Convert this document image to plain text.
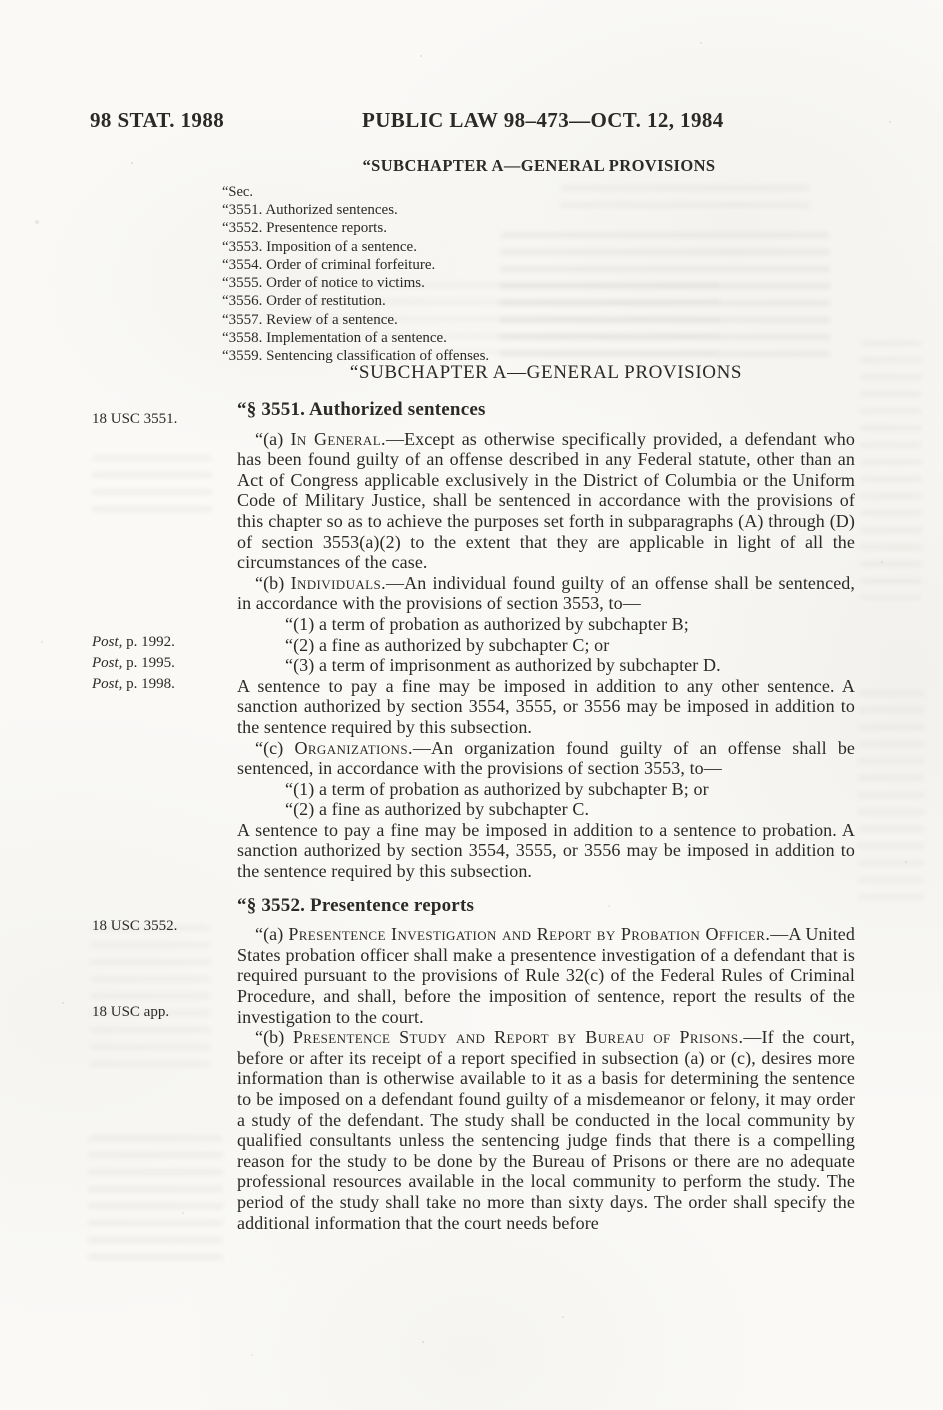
98 STAT. 1988	PUBLIC LAW 98–473—OCT. 12, 1984
“SUBCHAPTER A—GENERAL PROVISIONS
“Sec.
“3551. Authorized sentences.
“3552. Presentence reports.
“3553. Imposition of a sentence.
“3554. Order of criminal forfeiture.
“3555. Order of notice to victims.
“3556. Order of restitution.
“3557. Review of a sentence.
“3558. Implementation of a sentence.
“3559. Sentencing classification of offenses.
“SUBCHAPTER A—GENERAL PROVISIONS
18 USC 3551.
Post, p. 1992.
Post, p. 1995.
Post, p. 1998.
18 USC 3552.
18 USC app.
“§ 3551. Authorized sentences

“(a) In General.—Except as otherwise specifically provided, a defendant who has been found guilty of an offense described in any Federal statute, other than an Act of Congress applicable exclusively in the District of Columbia or the Uniform Code of Military Justice, shall be sentenced in accordance with the provisions of this chapter so as to achieve the purposes set forth in subparagraphs (A) through (D) of section 3553(a)(2) to the extent that they are applicable in light of all the circumstances of the case.

“(b) Individuals.—An individual found guilty of an offense shall be sentenced, in accordance with the provisions of section 3553, to—

“(1) a term of probation as authorized by subchapter B;

“(2) a fine as authorized by subchapter C; or

“(3) a term of imprisonment as authorized by subchapter D.

A sentence to pay a fine may be imposed in addition to any other sentence. A sanction authorized by section 3554, 3555, or 3556 may be imposed in addition to the sentence required by this subsection.

“(c) Organizations.—An organization found guilty of an offense shall be sentenced, in accordance with the provisions of section 3553, to—

“(1) a term of probation as authorized by subchapter B; or

“(2) a fine as authorized by subchapter C.

A sentence to pay a fine may be imposed in addition to a sentence to probation. A sanction authorized by section 3554, 3555, or 3556 may be imposed in addition to the sentence required by this subsection.

“§ 3552. Presentence reports

“(a) Presentence Investigation and Report by Probation Officer.—A United States probation officer shall make a presentence investigation of a defendant that is required pursuant to the provisions of Rule 32(c) of the Federal Rules of Criminal Procedure, and shall, before the imposition of sentence, report the results of the investigation to the court.

“(b) Presentence Study and Report by Bureau of Prisons.—If the court, before or after its receipt of a report specified in subsection (a) or (c), desires more information than is otherwise available to it as a basis for determining the sentence to be imposed on a defendant found guilty of a misdemeanor or felony, it may order a study of the defendant. The study shall be conducted in the local community by qualified consultants unless the sentencing judge finds that there is a compelling reason for the study to be done by the Bureau of Prisons or there are no adequate professional resources available in the local community to perform the study. The period of the study shall take no more than sixty days. The order shall specify the additional information that the court needs before
